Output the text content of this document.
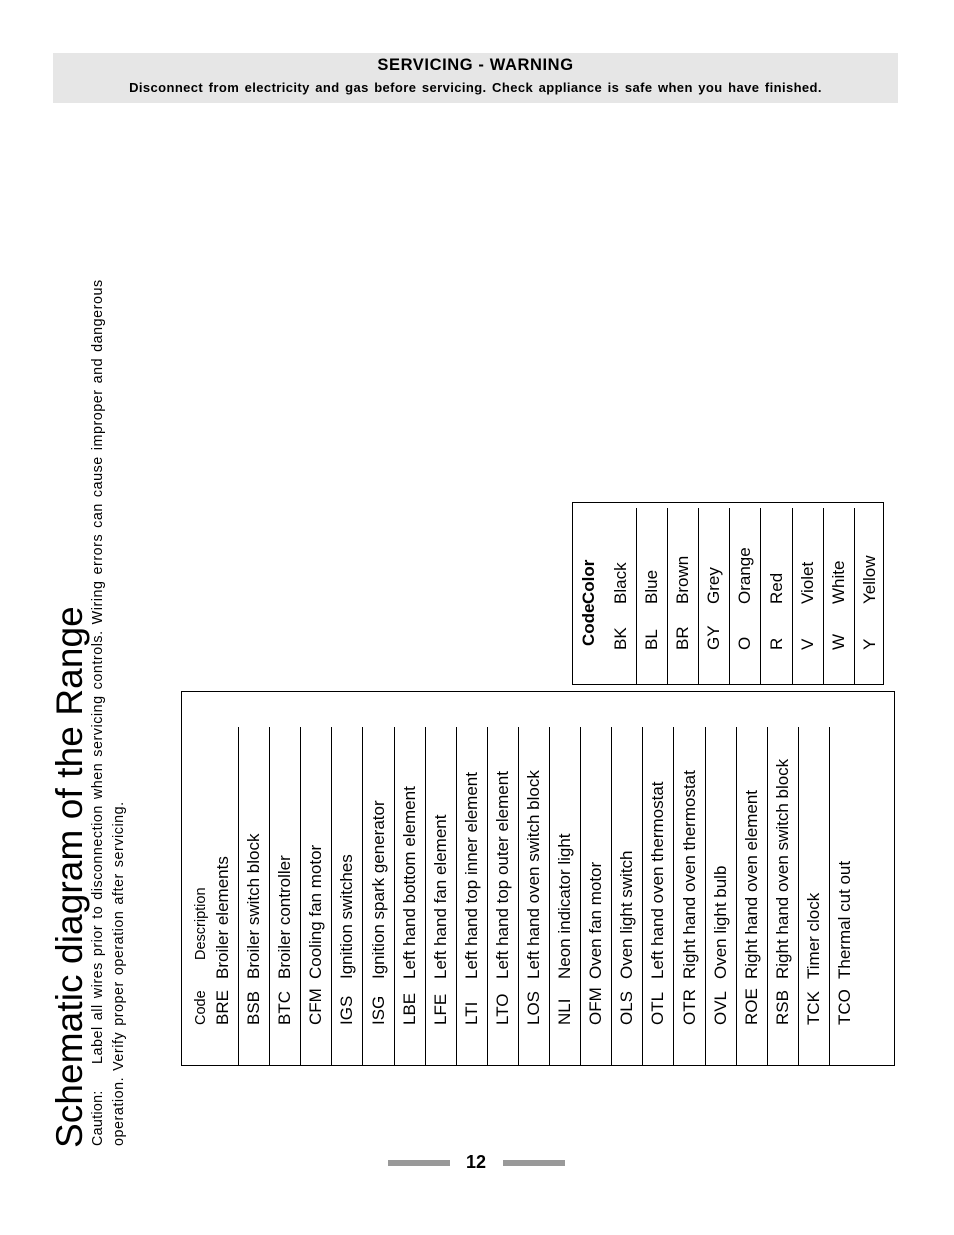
SERVICING - WARNING
Disconnect from electricity and gas before servicing. Check appliance is safe when you have finished.
Schematic diagram of the Range Caution:Label all wires prior to disconnection when servicing controls. Wiring errors can cause improper and dangerous operation. Verify proper operation after servicing.	Code
Description
BRE
Broiler elements
BSB
Broiler switch block
BTC
Broiler controller
CFM
Cooling fan motor
IGS
Ignition switches
ISG
Ignition spark generator
LBE
Left hand bottom element
LFE
Left hand fan element
LTI
Left hand top inner element
LTO
Left hand top outer element
LOS
Left hand oven switch block
NLI
Neon indicator light
OFM
Oven fan motor
OLS
Oven light switch
OTL
Left hand oven thermostat
OTR
Right hand oven thermostat
OVL
Oven light bulb
ROE
Right hand oven element
RSB
Right hand oven switch block
TCK
Timer clock
TCO
Thermal cut out
Code
Color
BK
Black
BL
Blue
BR
Brown
GY
Grey
O
Orange
R
Red
V
Violet
W
White
Y
Yellow
12
